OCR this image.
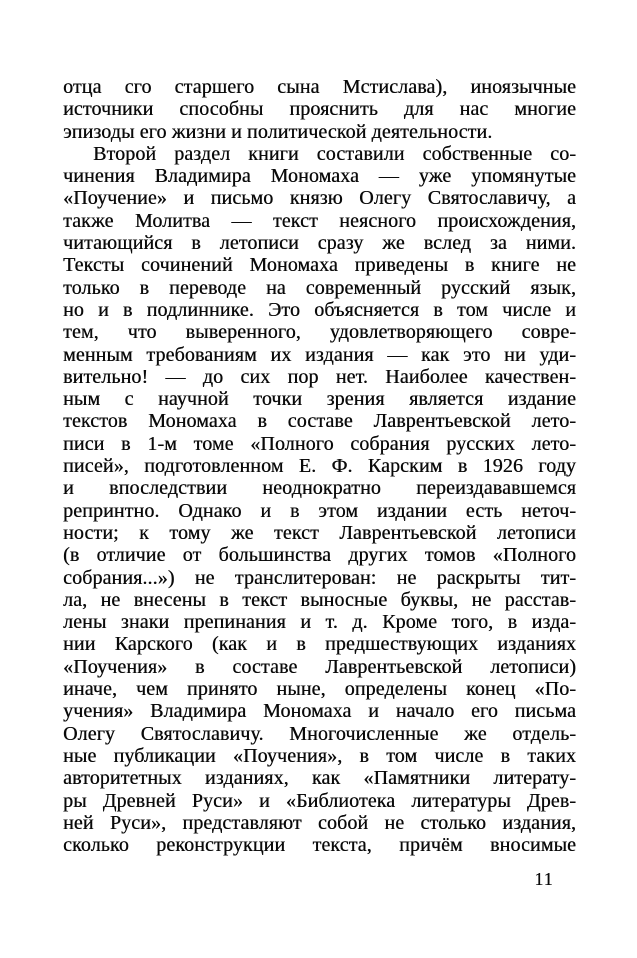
отца сго старшего сына Мстислава), иноязычные
источники способны прояснить для нас многие
эпизоды его жизни и политической деятельности.
Второй раздел книги составили собственные со-
чинения Владимира Мономаха — уже упомянутые
«Поучение» и письмо князю Олегу Святославичу, а
также Молитва — текст неясного происхождения,
читающийся в летописи сразу же вслед за ними.
Тексты сочинений Мономаха приведены в книге не
только в переводе на современный русский язык,
но и в подлиннике. Это объясняется в том числе и
тем, что выверенного, удовлетворяющего совре-
менным требованиям их издания — как это ни уди-
вительно! — до сих пор нет. Наиболее качествен-
ным с научной точки зрения является издание
текстов Мономаха в составе Лаврентьевской лето-
писи в 1-м томе «Полного собрания русских лето-
писей», подготовленном Е. Ф. Карским в 1926 году
и впоследствии неоднократно переиздававшемся
репринтно. Однако и в этом издании есть неточ-
ности; к тому же текст Лаврентьевской летописи
(в отличие от большинства других томов «Полного
собрания...») не транслитерован: не раскрыты тит-
ла, не внесены в текст выносные буквы, не расстав-
лены знаки препинания и т. д. Кроме того, в изда-
нии Карского (как и в предшествующих изданиях
«Поучения» в составе Лаврентьевской летописи)
иначе, чем принято ныне, определены конец «По-
учения» Владимира Мономаха и начало его письма
Олегу Святославичу. Многочисленные же отдель-
ные публикации «Поучения», в том числе в таких
авторитетных изданиях, как «Памятники литерату-
ры Древней Руси» и «Библиотека литературы Древ-
ней Руси», представляют собой не столько издания,
сколько реконструкции текста, причём вносимые
11
